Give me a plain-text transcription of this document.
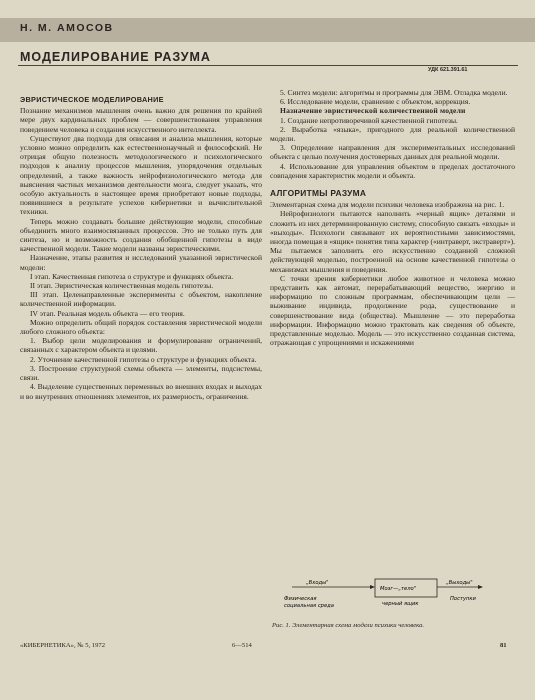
Н. М. АМОСОВ
МОДЕЛИРОВАНИЕ РАЗУМА
УДК 621.391.61

ЭВРИСТИЧЕСКОЕ МОДЕЛИРОВАНИЕ

Познание механизмов мышления очень важно для решения по крайней мере двух кардинальных проблем — совершенствования управления поведением человека и создания искусственного интеллекта.

Существуют два подхода для описания и анализа мышления, которые условно можно определить как естественнонаучный и философский. Не отрицая общую полезность методологического и психологического подходов к анализу процессов мышления, упорядочения отдельных определений, а также важность нейрофизиологического метода для выяснения частных механизмов деятельности мозга, следует указать, что особую актуальность в настоящее время приобретают новые подходы, появившиеся в результате успехов кибернетики и вычислительной техники.

Теперь можно создавать большие действующие модели, способные объединить много взаимосвязанных процессов. Это не только путь для синтеза, но и возможность создания обобщенной гипотезы в виде качественной модели. Такие модели названы эвристическими.

Назначение, этапы развития и исследований указанной эвристической модели:

I этап. Качественная гипотеза о структуре и функциях объекта.

II этап. Эвристическая количественная модель гипотезы.

III этап. Целенаправленные эксперименты с объектом, накопление количественной информации.

IV этап. Реальная модель объекта — его теория.

Можно определить общий порядок составления эвристической модели любого сложного объекта:

1. Выбор цели моделирования и формулирование ограничений, связанных с характером объекта и целями.

2. Уточнение качественной гипотезы о структуре и функциях объекта.

3. Построение структурной схемы объекта — элементы, подсистемы, связи.

4. Выделение существенных переменных во внешних входах и выходах и во внутренних отношениях элементов, их размерность, ограничения.

5. Синтез модели: алгоритмы и программы для ЭВМ. Отладка модели.

6. Исследование модели, сравнение с объектом, коррекция.

Назначение эвристической количественной модели

1. Создание непротиворечивой качественной гипотезы.

2. Выработка «языка», пригодного для реальной количественной модели.

3. Определение направления для экспериментальных исследований объекта с целью получения достоверных данных для реальной модели.

4. Использование для управления объектом в пределах достаточного совпадения характеристик модели и объекта.

АЛГОРИТМЫ РАЗУМА

Элементарная схема для модели психики человека изображена на рис. 1.

Нейрофизиологи пытаются наполнить «черный ящик» деталями и сложить из них детерминированную систему, способную связать «входы» и «выходы». Психологи связывают их вероятностными зависимостями, иногда помещая в «ящик» понятия типа характер («интраверт, экстраверт»). Мы пытаемся заполнить его искусственно созданной сложной действующей моделью, построенной на основе качественной гипотезы о механизмах мышления и поведения.

С точки зрения кибернетики любое животное и человека можно представить как автомат, перерабатывающий вещество, энергию и информацию по сложным программам, обеспечивающим цели — выживание индивида, продолжение рода, существование и совершенствование вида (общества). Мышление — это переработка информации. Информацию можно трактовать как сведения об объекте, представленные моделью. Модель — это искусственно созданная система, отражающая с упрощениями и искажениями

„Входы"
Физическая
социальная среда
Мозг—„тело"
черный ящик
„Выходы"
Поступки
Рис. 1. Элементарная схема модели психики человека.
«КИБЕРНЕТИКА», № 5, 1972	6—514	81
